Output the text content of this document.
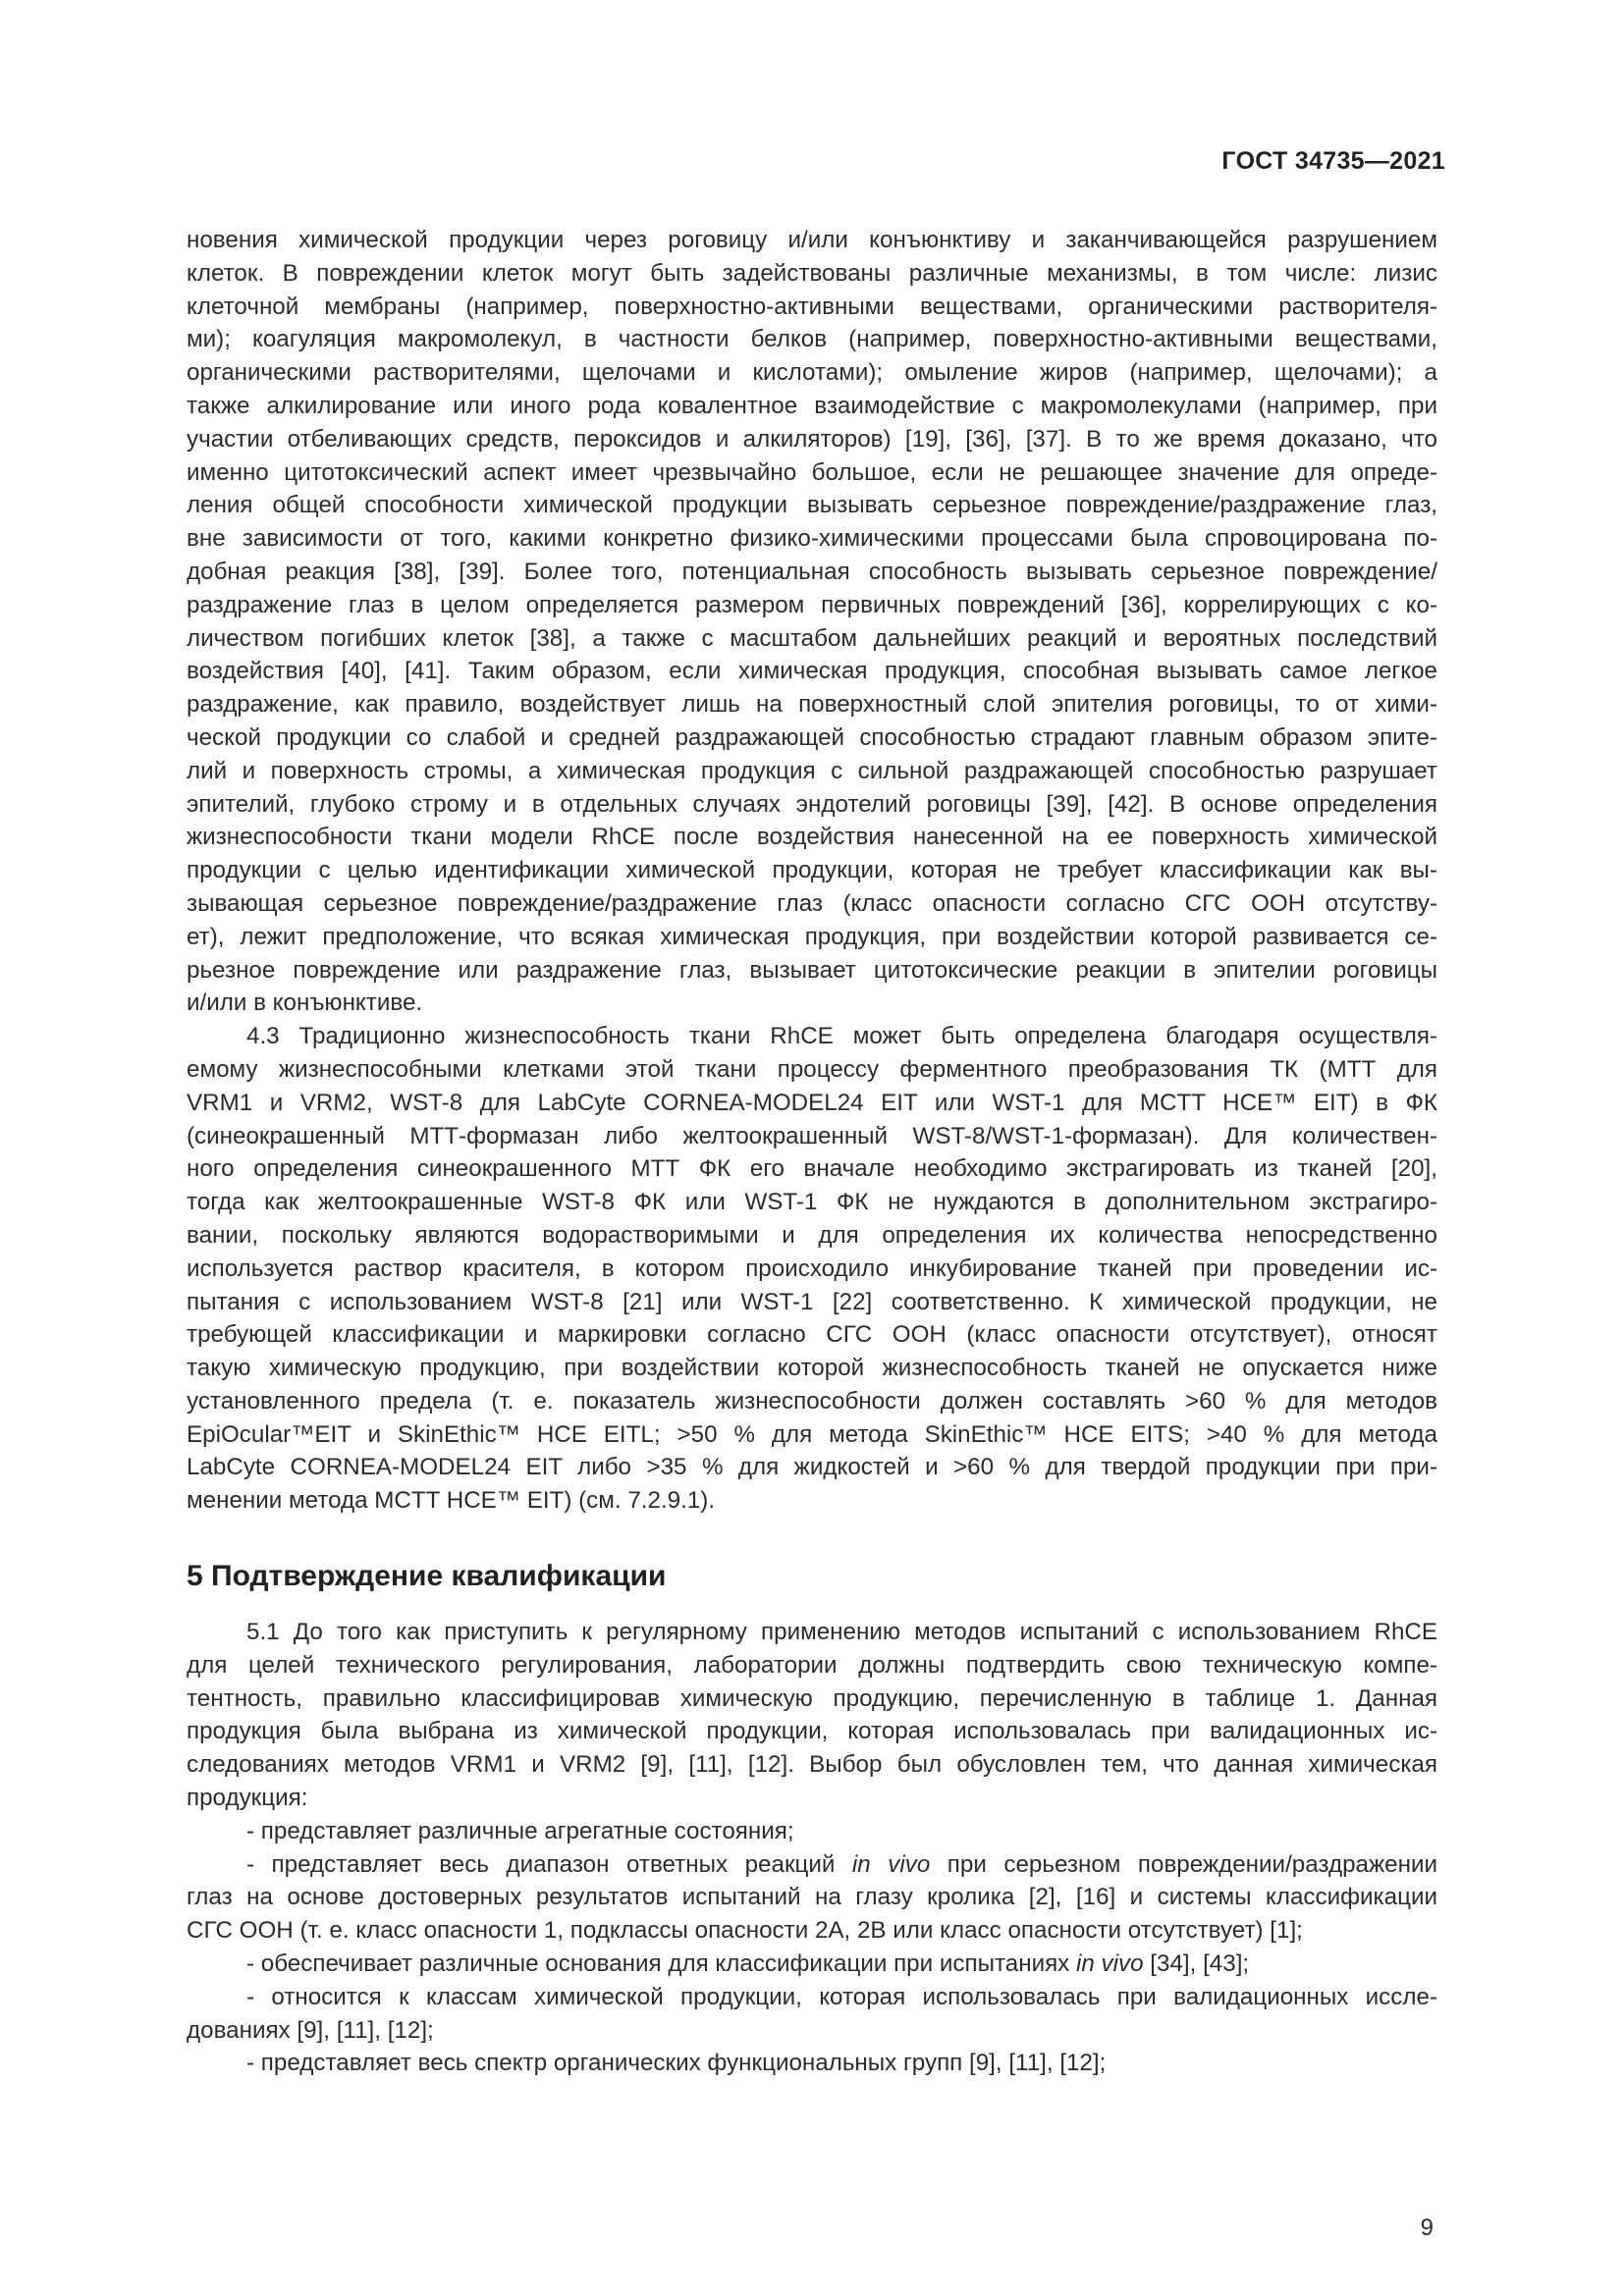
ГОСТ 34735—2021
новения химической продукции через роговицу и/или конъюнктиву и заканчивающейся разрушением
клеток. В повреждении клеток могут быть задействованы различные механизмы, в том числе: лизис
клеточной мембраны (например, поверхностно-активными веществами, органическими растворителя-
ми); коагуляция макромолекул, в частности белков (например, поверхностно-активными веществами,
органическими растворителями, щелочами и кислотами); омыление жиров (например, щелочами); а
также алкилирование или иного рода ковалентное взаимодействие с макромолекулами (например, при
участии отбеливающих средств, пероксидов и алкиляторов) [19], [36], [37]. В то же время доказано, что
именно цитотоксический аспект имеет чрезвычайно большое, если не решающее значение для опреде-
ления общей способности химической продукции вызывать серьезное повреждение/раздражение глаз,
вне зависимости от того, какими конкретно физико-химическими процессами была спровоцирована по-
добная реакция [38], [39]. Более того, потенциальная способность вызывать серьезное повреждение/
раздражение глаз в целом определяется размером первичных повреждений [36], коррелирующих с ко-
личеством погибших клеток [38], а также с масштабом дальнейших реакций и вероятных последствий
воздействия [40], [41]. Таким образом, если химическая продукция, способная вызывать самое легкое
раздражение, как правило, воздействует лишь на поверхностный слой эпителия роговицы, то от хими-
ческой продукции со слабой и средней раздражающей способностью страдают главным образом эпите-
лий и поверхность стромы, а химическая продукция с сильной раздражающей способностью разрушает
эпителий, глубоко строму и в отдельных случаях эндотелий роговицы [39], [42]. В основе определения
жизнеспособности ткани модели RhCE после воздействия нанесенной на ее поверхность химической
продукции с целью идентификации химической продукции, которая не требует классификации как вы-
зывающая серьезное повреждение/раздражение глаз (класс опасности согласно СГС ООН отсутству-
ет), лежит предположение, что всякая химическая продукция, при воздействии которой развивается се-
рьезное повреждение или раздражение глаз, вызывает цитотоксические реакции в эпителии роговицы
и/или в конъюнктиве.
4.3 Традиционно жизнеспособность ткани RhCE может быть определена благодаря осуществля-
емому жизнеспособными клетками этой ткани процессу ферментного преобразования ТК (МТТ для
VRM1 и VRM2, WST-8 для LabCyte CORNEA-MODEL24 EIT или WST-1 для MCTT HCE™ EIT) в ФК
(синеокрашенный МТТ-формазан либо желтоокрашенный WST-8/WST-1-формазан). Для количествен-
ного определения синеокрашенного МТТ ФК его вначале необходимо экстрагировать из тканей [20],
тогда как желтоокрашенные WST-8 ФК или WST-1 ФК не нуждаются в дополнительном экстрагиро-
вании, поскольку являются водорастворимыми и для определения их количества непосредственно
используется раствор красителя, в котором происходило инкубирование тканей при проведении ис-
пытания с использованием WST-8 [21] или WST-1 [22] соответственно. К химической продукции, не
требующей классификации и маркировки согласно СГС ООН (класс опасности отсутствует), относят
такую химическую продукцию, при воздействии которой жизнеспособность тканей не опускается ниже
установленного предела (т. е. показатель жизнеспособности должен составлять >60 % для методов
EpiOcular™EIT и SkinEthic™ HCE EITL; >50 % для метода SkinEthic™ HCE EITS; >40 % для метода
LabCyte CORNEA-MODEL24 EIT либо >35 % для жидкостей и >60 % для твердой продукции при при-
менении метода MCTT HCE™ EIT) (см. 7.2.9.1).
5 Подтверждение квалификации
5.1 До того как приступить к регулярному применению методов испытаний с использованием RhCE
для целей технического регулирования, лаборатории должны подтвердить свою техническую компе-
тентность, правильно классифицировав химическую продукцию, перечисленную в таблице 1. Данная
продукция была выбрана из химической продукции, которая использовалась при валидационных ис-
следованиях методов VRM1 и VRM2 [9], [11], [12]. Выбор был обусловлен тем, что данная химическая
продукция:
- представляет различные агрегатные состояния;
- представляет весь диапазон ответных реакций in vivo при серьезном повреждении/раздражении
глаз на основе достоверных результатов испытаний на глазу кролика [2], [16] и системы классификации
СГС ООН (т. е. класс опасности 1, подклассы опасности 2А, 2В или класс опасности отсутствует) [1];
- обеспечивает различные основания для классификации при испытаниях in vivo [34], [43];
- относится к классам химической продукции, которая использовалась при валидационных иссле-
дованиях [9], [11], [12];
- представляет весь спектр органических функциональных групп [9], [11], [12];
9
